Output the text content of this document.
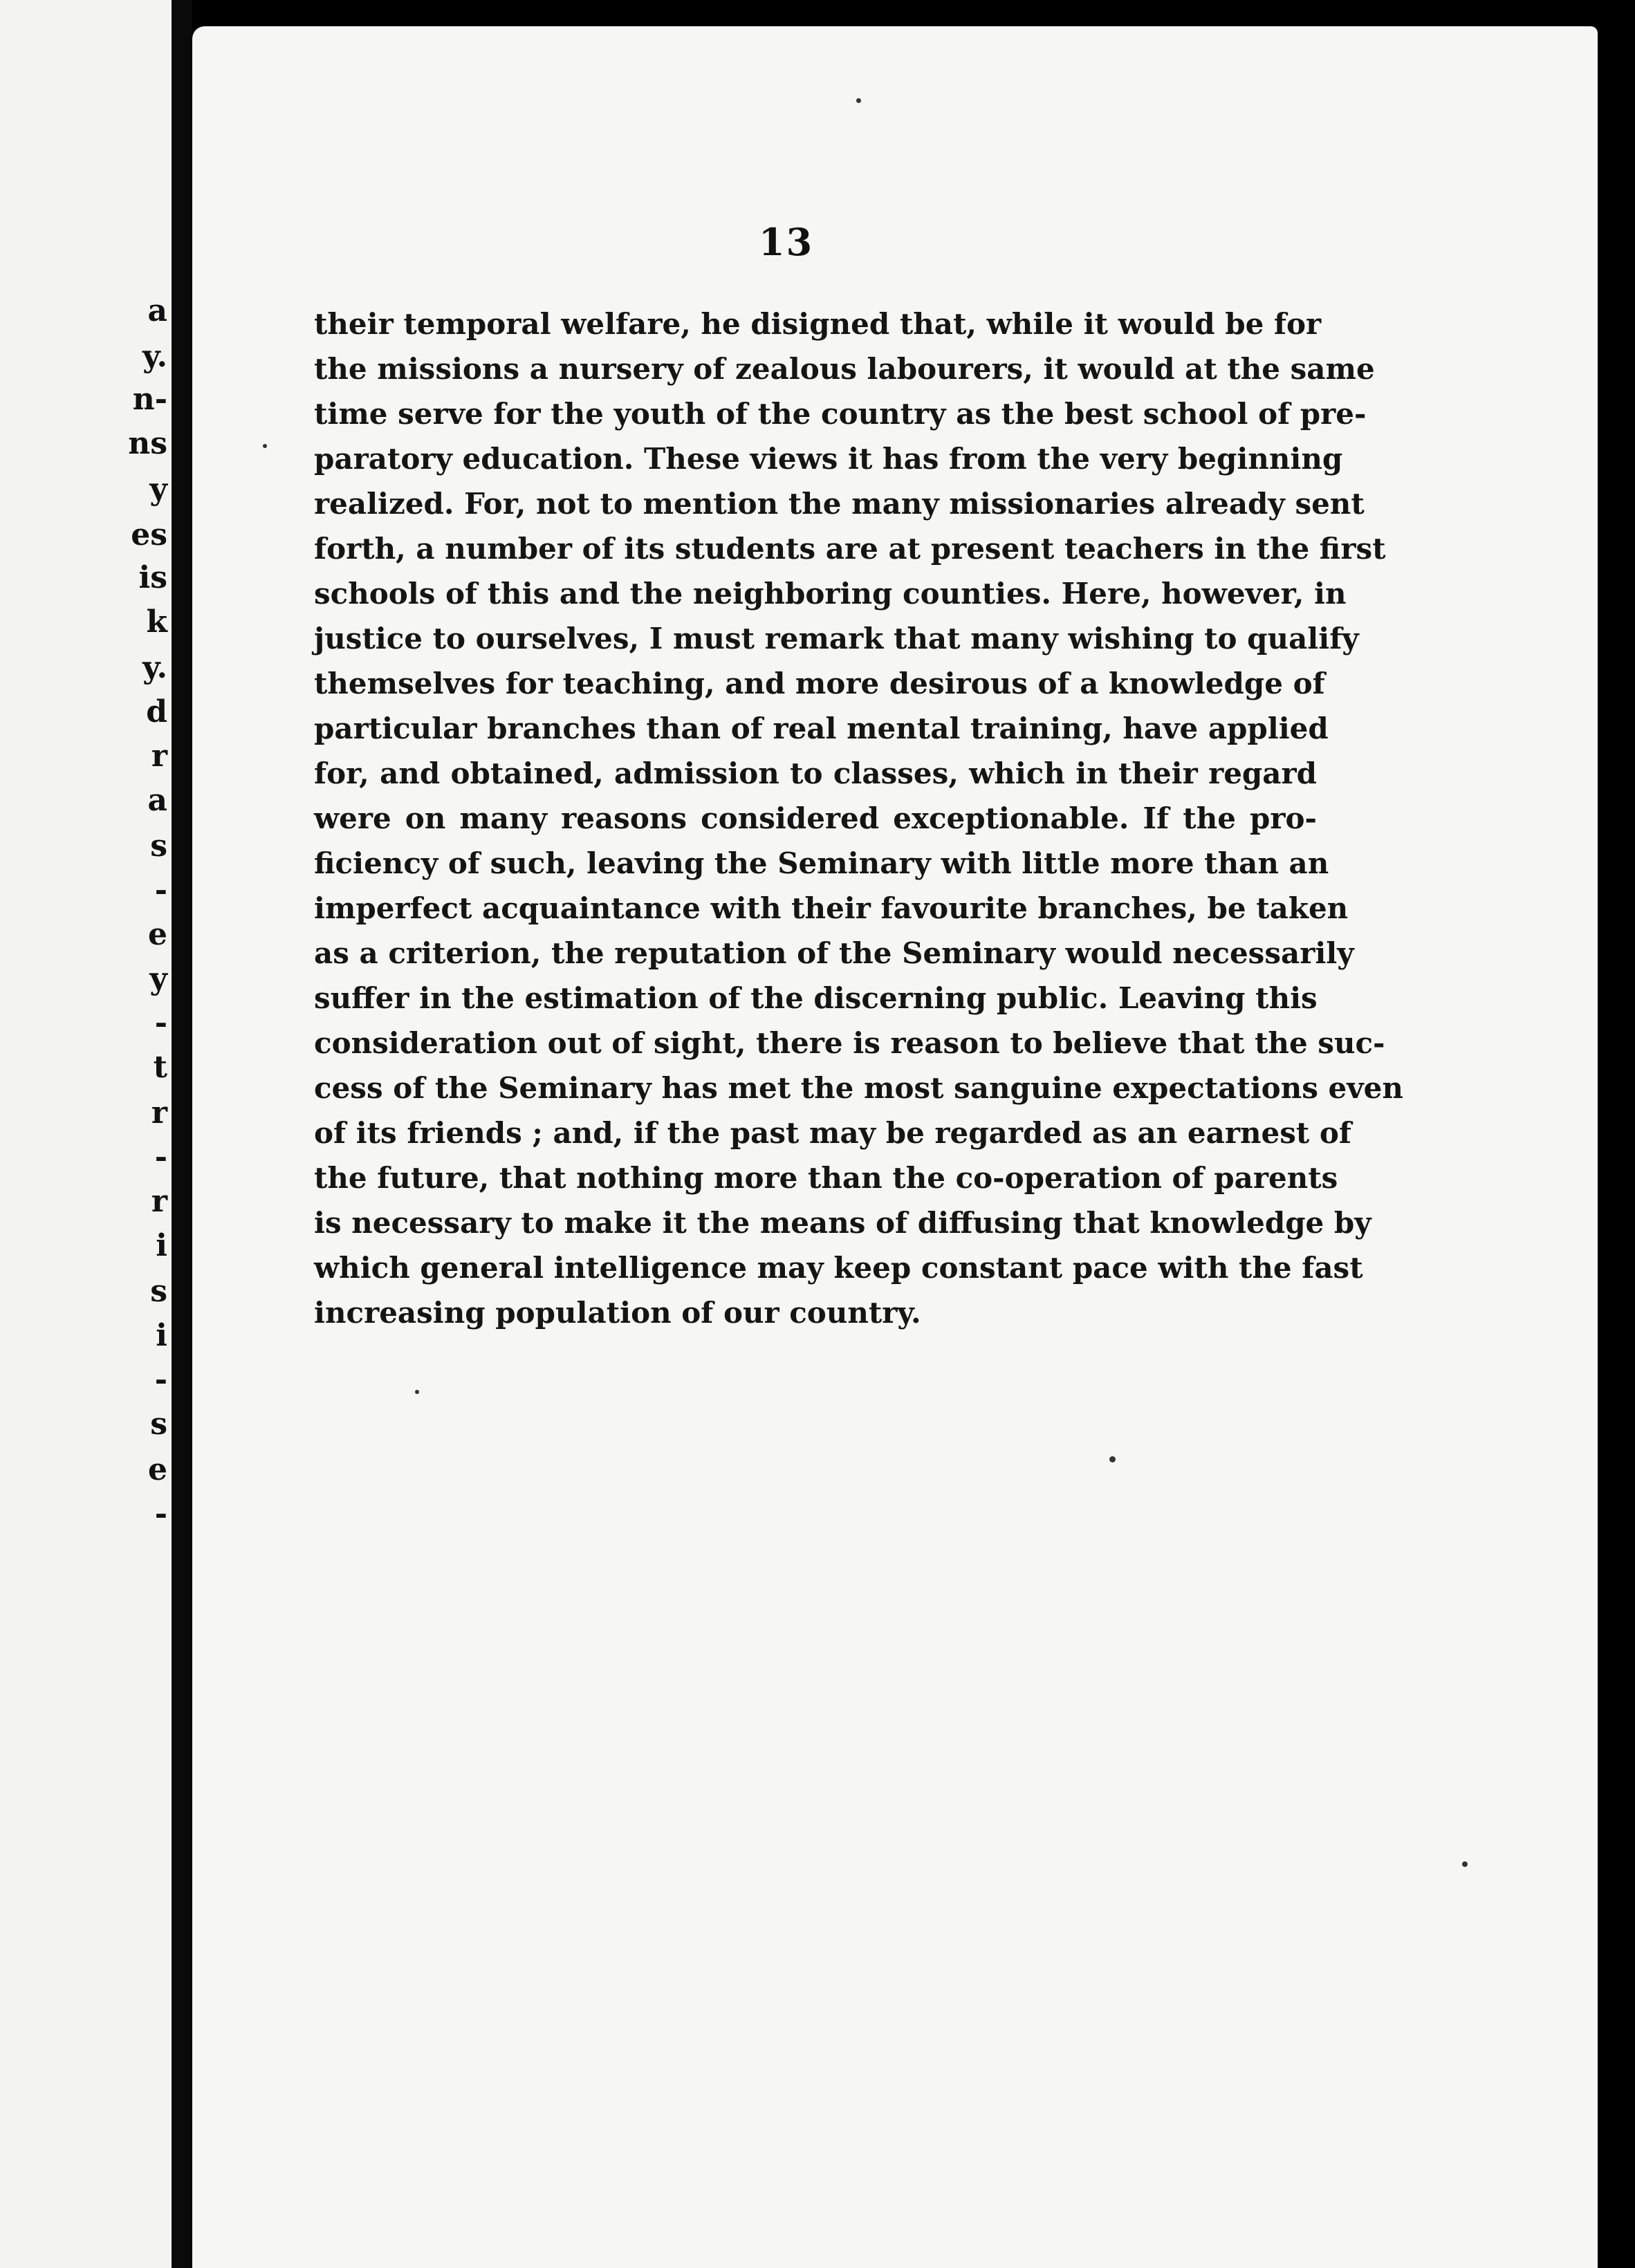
a
y.
n-
ns
y
es
is
k
y.
d
r
a
s
-
e
y
-
t
r
-
r
i
s
i
-
s
e
-
13
their temporal welfare, he disigned that, while it would be for
the missions a nursery of zealous labourers, it would at the same
time serve for the youth of the country as the best school of pre-
paratory education. These views it has from the very beginning
realized. For, not to mention the many missionaries already sent
forth, a number of its students are at present teachers in the first
schools of this and the neighboring counties. Here, however, in
justice to ourselves, I must remark that many wishing to qualify
themselves for teaching, and more desirous of a knowledge of
particular branches than of real mental training, have applied
for, and obtained, admission to classes, which in their regard
were on many reasons considered exceptionable. If the pro-
ficiency of such, leaving the Seminary with little more than an
imperfect acquaintance with their favourite branches, be taken
as a criterion, the reputation of the Seminary would necessarily
suffer in the estimation of the discerning public. Leaving this
consideration out of sight, there is reason to believe that the suc-
cess of the Seminary has met the most sanguine expectations even
of its friends ; and, if the past may be regarded as an earnest of
the future, that nothing more than the co-operation of parents
is necessary to make it the means of diffusing that knowledge by
which general intelligence may keep constant pace with the fast
increasing population of our country.
